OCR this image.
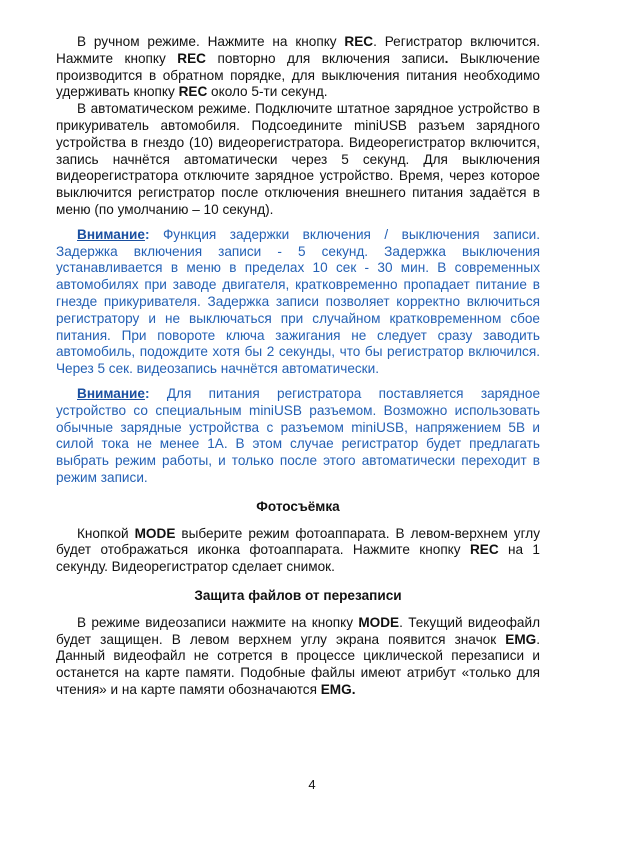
В ручном режиме. Нажмите на кнопку REC. Регистратор включится. Нажмите кнопку REC повторно для включения записи. Выключение производится в обратном порядке, для выключения питания необходимо удерживать кнопку REC около 5-ти секунд.

В автоматическом режиме. Подключите штатное зарядное устройство в прикуриватель автомобиля. Подсоедините miniUSB разъем зарядного устройства в гнездо (10) видеорегистратора. Видеорегистратор включится, запись начнётся автоматически через 5 секунд. Для выключения видеорегистратора отключите зарядное устройство. Время, через которое выключится регистратор после отключения внешнего питания задаётся в меню (по умолчанию – 10 секунд).

Внимание: Функция задержки включения / выключения записи. Задержка включения записи - 5 секунд. Задержка выключения устанавливается в меню в пределах 10 сек - 30 мин. В современных автомобилях при заводе двигателя, кратковременно пропадает питание в гнезде прикуривателя. Задержка записи позволяет корректно включиться регистратору и не выключаться при случайном кратковременном сбое питания. При повороте ключа зажигания не следует сразу заводить автомобиль, подождите хотя бы 2 секунды, что бы регистратор включился. Через 5 сек. видеозапись начнётся автоматически.

Внимание: Для питания регистратора поставляется зарядное устройство со специальным miniUSB разъемом. Возможно использовать обычные зарядные устройства с разъемом miniUSB, напряжением 5В и силой тока не менее 1А. В этом случае регистратор будет предлагать выбрать режим работы, и только после этого автоматически переходит в режим записи.

Фотосъёмка

Кнопкой MODE выберите режим фотоаппарата. В левом-верхнем углу будет отображаться иконка фотоаппарата. Нажмите кнопку REC на 1 секунду. Видеорегистратор сделает снимок.

Защита файлов от перезаписи

В режиме видеозаписи нажмите на кнопку MODE. Текущий видеофайл будет защищен. В левом верхнем углу экрана появится значок EMG. Данный видеофайл не сотрется в процессе циклической перезаписи и останется на карте памяти. Подобные файлы имеют атрибут «только для чтения» и на карте памяти обозначаются EMG.

4
